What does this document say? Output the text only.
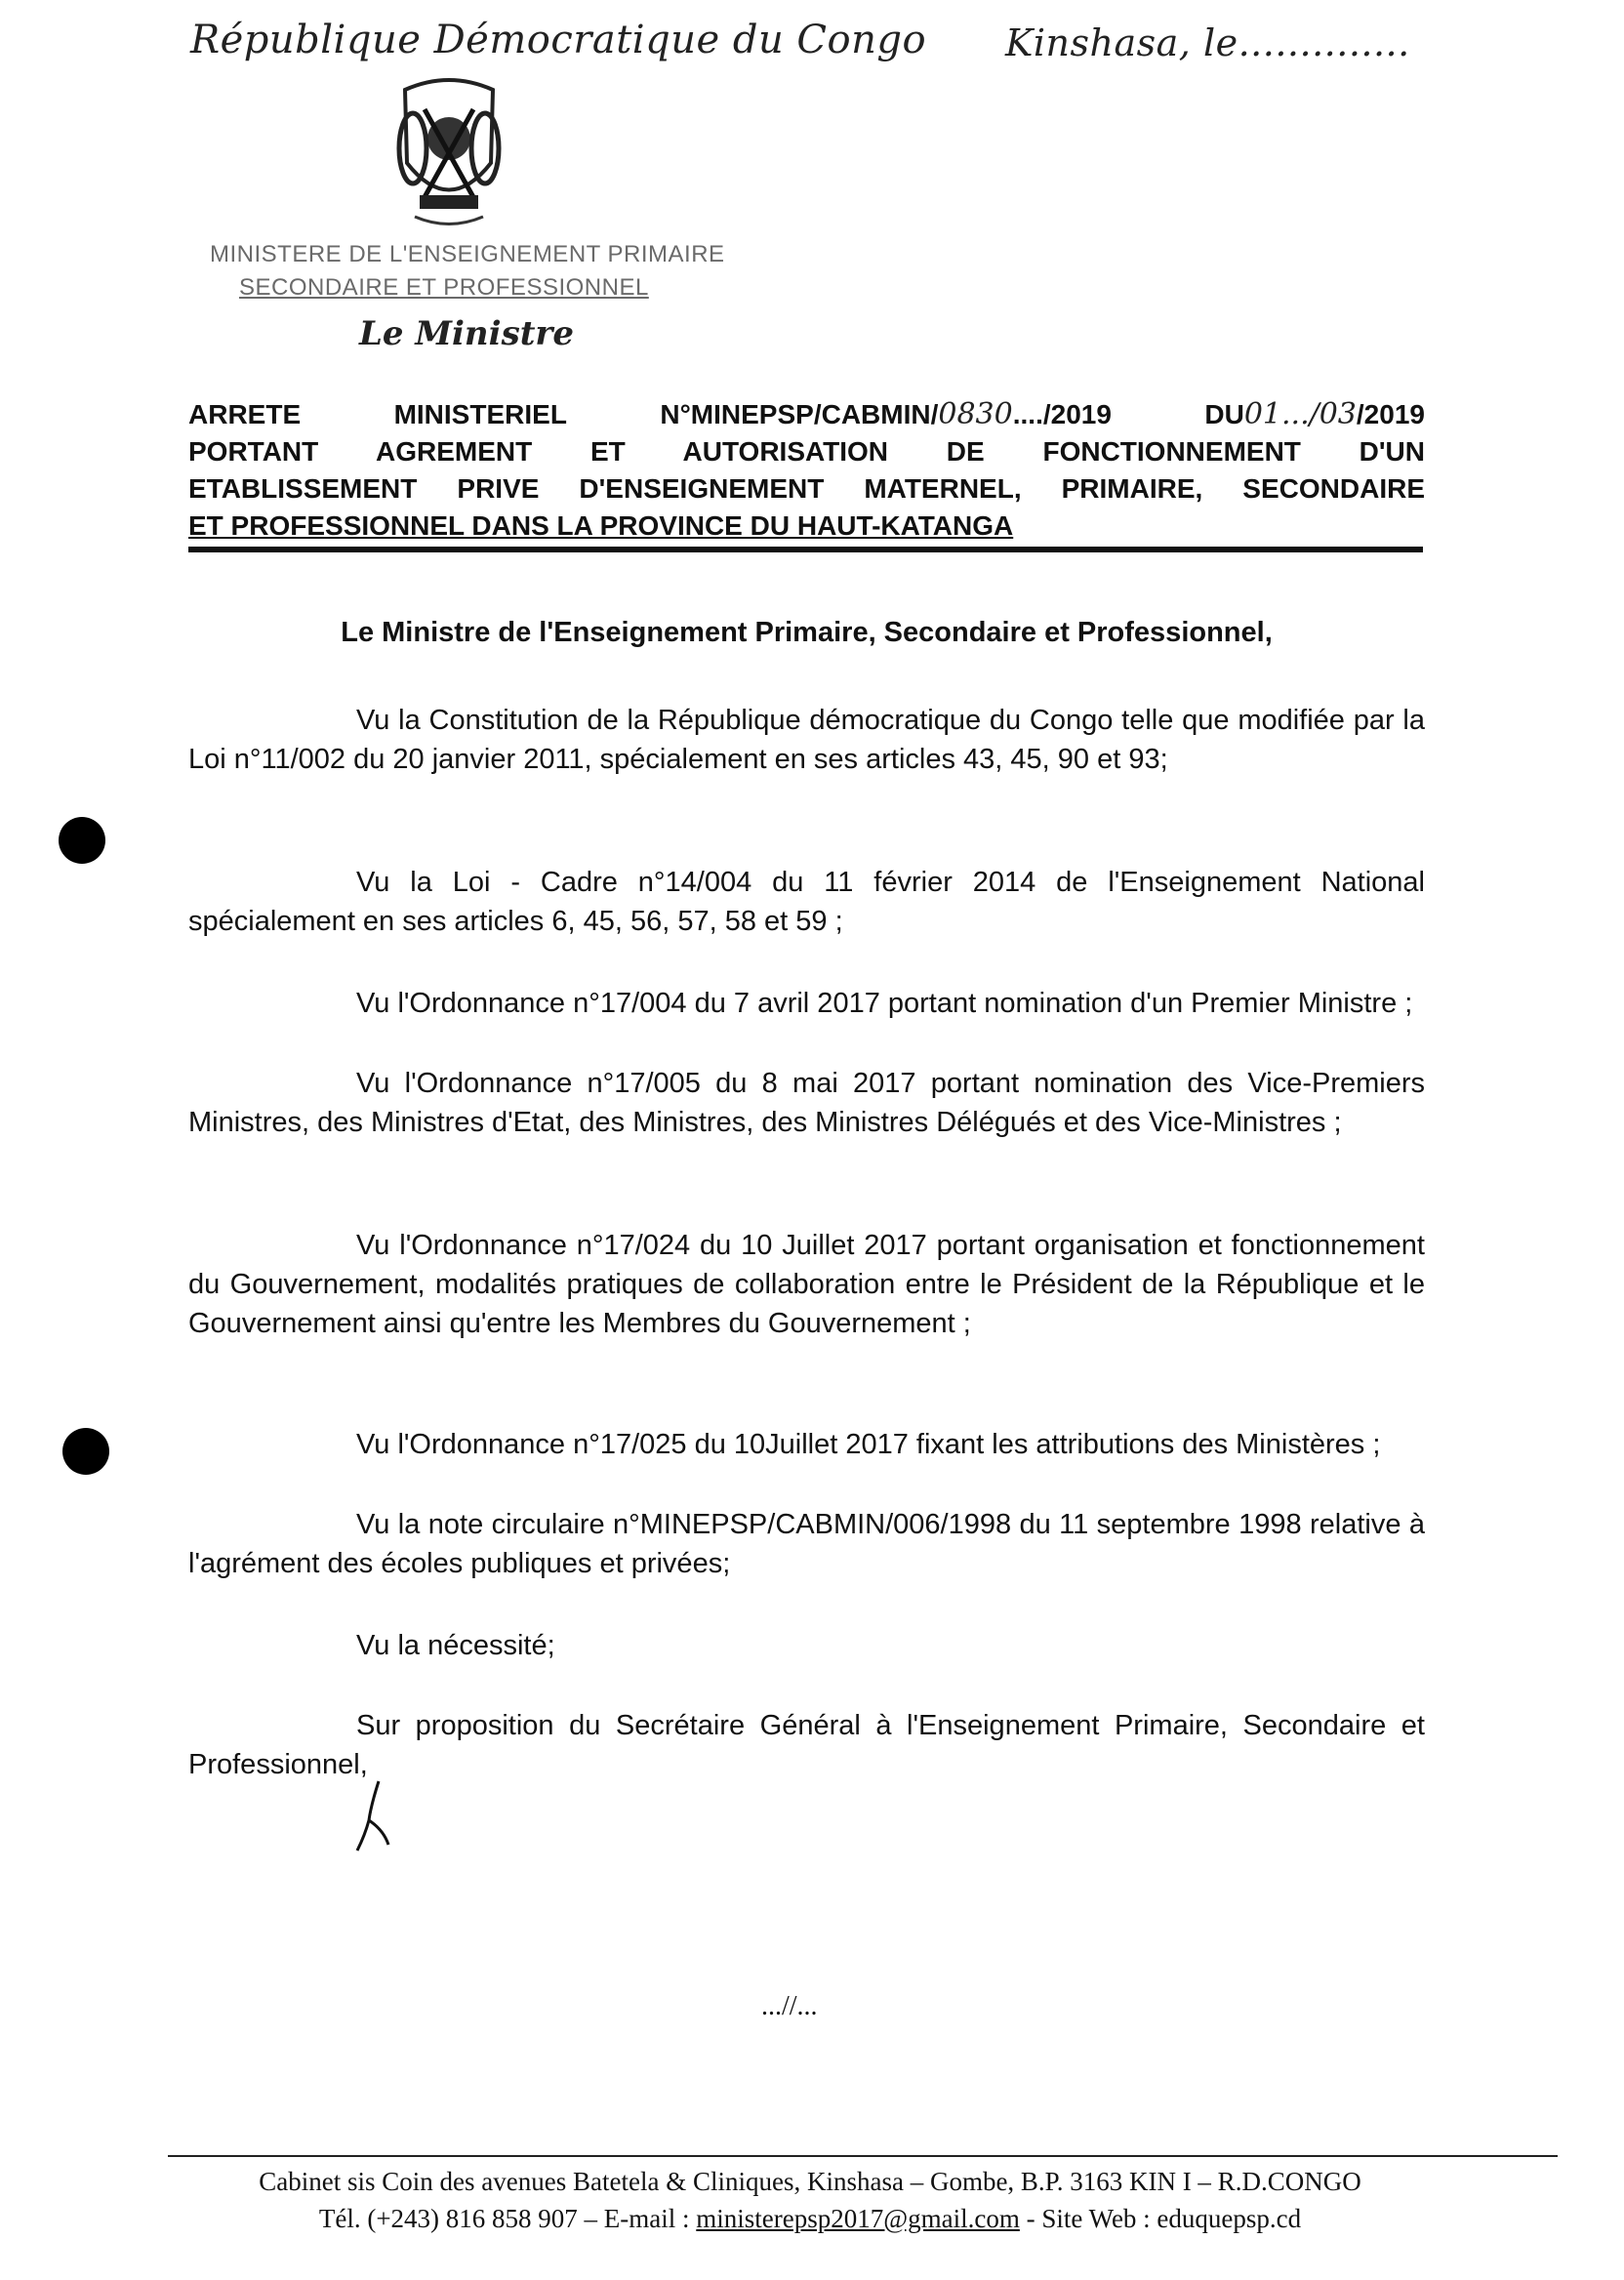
République Démocratique du Congo Kinshasa, le..............
MINISTERE DE L'ENSEIGNEMENT PRIMAIRE
SECONDAIRE ET PROFESSIONNEL
Le Ministre
ARRETE	MINISTERIEL	N°MINEPSP/CABMIN/0830..../2019	DU01.../03/2019
PORTANT AGREMENT ET AUTORISATION DE FONCTIONNEMENT D'UN
ETABLISSEMENT PRIVE D'ENSEIGNEMENT MATERNEL, PRIMAIRE, SECONDAIRE
ET PROFESSIONNEL DANS LA PROVINCE DU HAUT-KATANGA
Le Ministre de l'Enseignement Primaire, Secondaire et Professionnel,

Vu la Constitution de la République démocratique du Congo telle que modifiée par la Loi n°11/002 du 20 janvier 2011, spécialement en ses articles 43, 45, 90 et 93;

Vu la Loi - Cadre n°14/004 du 11 février 2014 de l'Enseignement National spécialement en ses articles 6, 45, 56, 57, 58 et 59 ;

Vu l'Ordonnance n°17/004 du 7 avril 2017 portant nomination d'un Premier Ministre ;

Vu l'Ordonnance n°17/005 du 8 mai 2017 portant nomination des Vice-Premiers Ministres, des Ministres d'Etat, des Ministres, des Ministres Délégués et des Vice-Ministres ;

Vu l'Ordonnance n°17/024 du 10 Juillet 2017 portant organisation et fonctionnement du Gouvernement, modalités pratiques de collaboration entre le Président de la République et le Gouvernement ainsi qu'entre les Membres du Gouvernement ;

Vu l'Ordonnance n°17/025 du 10Juillet 2017 fixant les attributions des Ministères ;

Vu la note circulaire n°MINEPSP/CABMIN/006/1998 du 11 septembre 1998 relative à l'agrément des écoles publiques et privées;

Vu la nécessité;

Sur proposition du Secrétaire Général à l'Enseignement Primaire, Secondaire et Professionnel,

...//...
Cabinet sis Coin des avenues Batetela & Cliniques, Kinshasa – Gombe, B.P. 3163 KIN I – R.D.CONGO
Tél. (+243) 816 858 907 – E-mail : ministerepsp2017@gmail.com - Site Web : eduquepsp.cd
